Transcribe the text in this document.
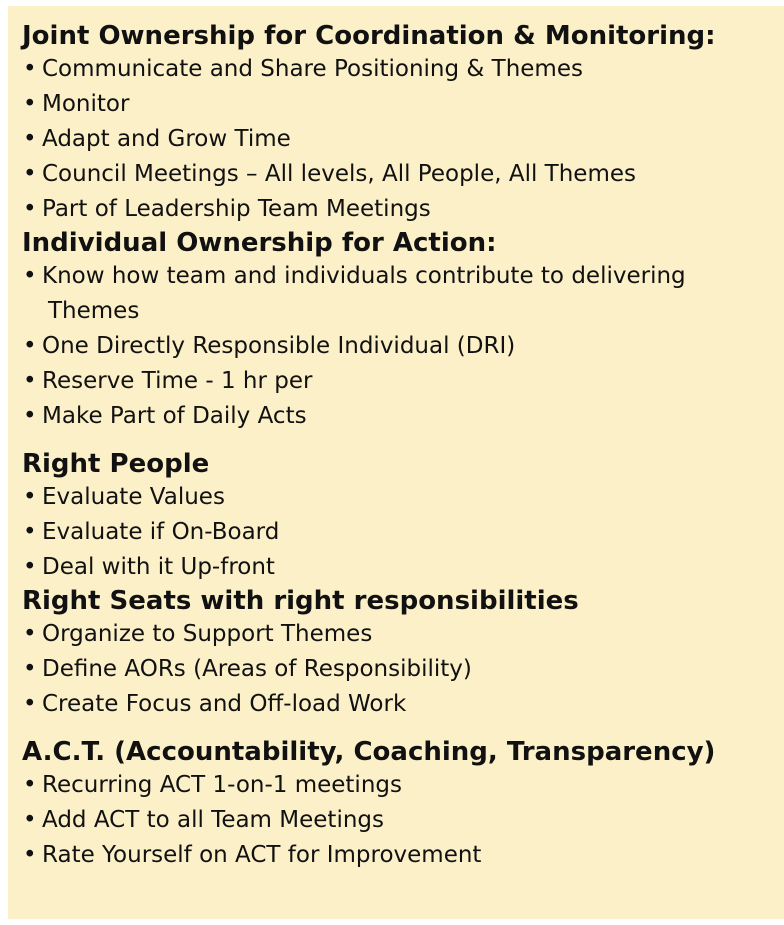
Joint Ownership for Coordination & Monitoring:
• Communicate and Share Positioning & Themes
• Monitor
• Adapt and Grow Time
• Council Meetings – All levels, All People, All Themes
• Part of Leadership Team Meetings
Individual Ownership for Action:
• Know how team and individuals contribute to delivering
Themes
• One Directly Responsible Individual (DRI)
• Reserve Time - 1 hr per
• Make Part of Daily Acts
Right People
• Evaluate Values
• Evaluate if On-Board
• Deal with it Up-front
Right Seats with right responsibilities
• Organize to Support Themes
• Define AORs (Areas of Responsibility)
• Create Focus and Off-load Work
A.C.T. (Accountability, Coaching, Transparency)
• Recurring ACT 1-on-1 meetings
• Add ACT to all Team Meetings
• Rate Yourself on ACT for Improvement
